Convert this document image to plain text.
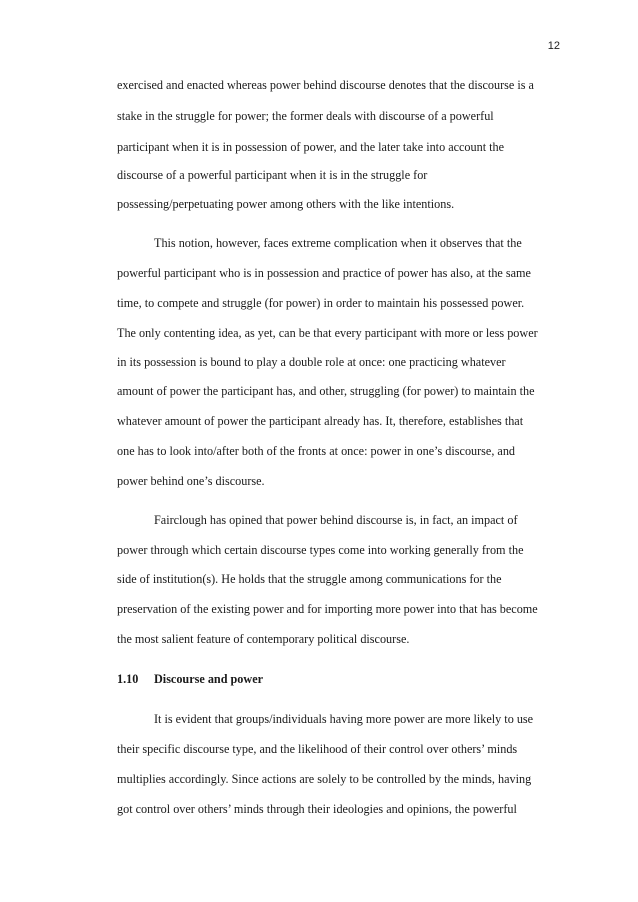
12
exercised and enacted whereas power behind discourse denotes that the discourse is a
stake in the struggle for power; the former deals with discourse of a powerful
participant when it is in possession of power, and the later take into account the
discourse of a powerful participant when it is in the struggle for
possessing/perpetuating power among others with the like intentions.
This notion, however, faces extreme complication when it observes that the
powerful participant who is in possession and practice of power has also, at the same
time, to compete and struggle (for power) in order to maintain his possessed power.
The only contenting idea, as yet, can be that every participant with more or less power
in its possession is bound to play a double role at once: one practicing whatever
amount of power the participant has, and other, struggling (for power) to maintain the
whatever amount of power the participant already has. It, therefore, establishes that
one has to look into/after both of the fronts at once: power in one’s discourse, and
power behind one’s discourse.
Fairclough has opined that power behind discourse is, in fact, an impact of
power through which certain discourse types come into working generally from the
side of institution(s). He holds that the struggle among communications for the
preservation of the existing power and for importing more power into that has become
the most salient feature of contemporary political discourse.
1.10 Discourse and power
It is evident that groups/individuals having more power are more likely to use
their specific discourse type, and the likelihood of their control over others’ minds
multiplies accordingly. Since actions are solely to be controlled by the minds, having
got control over others’ minds through their ideologies and opinions, the powerful
